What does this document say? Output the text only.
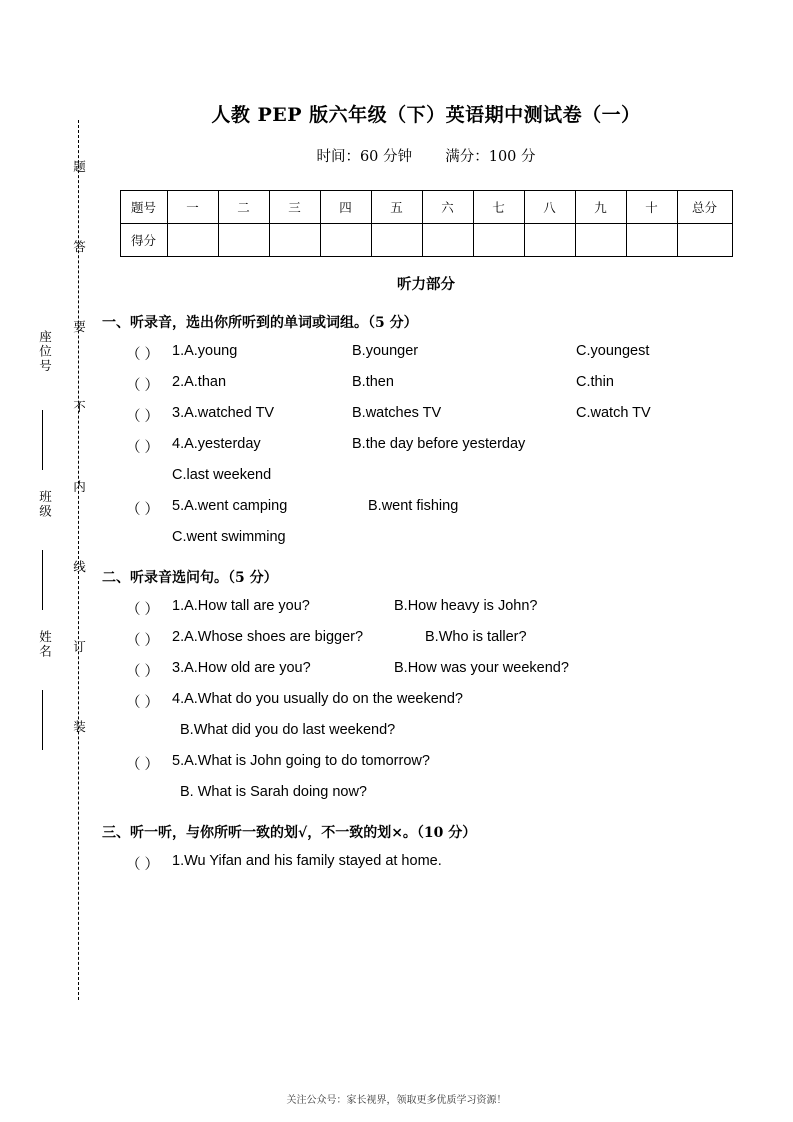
题
答
要
不
内
线
订
装
座位号
班级
姓名
人教 PEP 版六年级（下）英语期中测试卷（一）
时间：60 分钟 满分：100 分
题号	一	二	三	四	五	六	七	八	九	十	总分
得分											
听力部分
一、听录音，选出你所听到的单词或词组。（5 分）
（ ） 1.A.young	B.younger	C.youngest
（ ） 2.A.than	B.then	C.thin
（ ） 3.A.watched TV	B.watches TV	C.watch TV
（ ） 4.A.yesterday	B.the day before yesterday
C.last weekend
（ ） 5.A.went camping	B.went fishing
C.went swimming
二、听录音选问句。（5 分）
（ ） 1.A.How tall are you?	B.How heavy is John?
（ ） 2.A.Whose shoes are bigger?	B.Who is taller?
（ ） 3.A.How old are you?	B.How was your weekend?
（ ） 4.A.What do you usually do on the weekend?
B.What did you do last weekend?
（ ） 5.A.What is John going to do tomorrow?
B. What is Sarah doing now?
三、听一听，与你所听一致的划√，不一致的划×。（10 分）
（ ） 1.Wu Yifan and his family stayed at home.
关注公众号：家长视界，领取更多优质学习资源！
